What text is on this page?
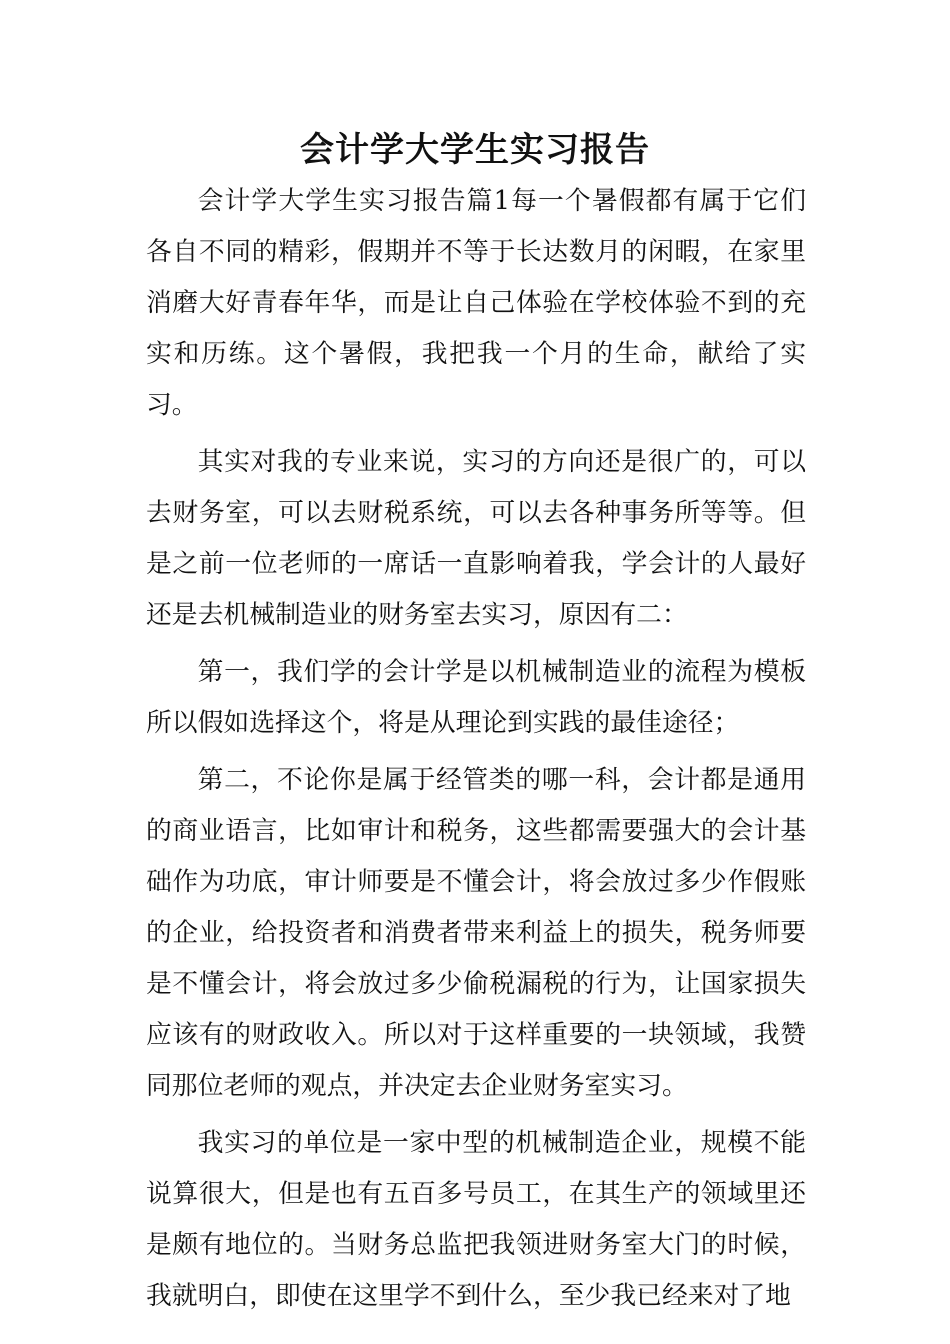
会计学大学生实习报告

会计学大学生实习报告篇1每一个暑假都有属于它们各自不同的精彩，假期并不等于长达数月的闲暇，在家里消磨大好青春年华，而是让自己体验在学校体验不到的充实和历练。这个暑假，我把我一个月的生命，献给了实习。

其实对我的专业来说，实习的方向还是很广的，可以去财务室，可以去财税系统，可以去各种事务所等等。但是之前一位老师的一席话一直影响着我，学会计的人最好还是去机械制造业的财务室去实习，原因有二：

第一，我们学的会计学是以机械制造业的流程为模板所以假如选择这个，将是从理论到实践的最佳途径；

第二，不论你是属于经管类的哪一科，会计都是通用的商业语言，比如审计和税务，这些都需要强大的会计基础作为功底，审计师要是不懂会计，将会放过多少作假账的企业，给投资者和消费者带来利益上的损失，税务师要是不懂会计，将会放过多少偷税漏税的行为，让国家损失应该有的财政收入。所以对于这样重要的一块领域，我赞同那位老师的观点，并决定去企业财务室实习。

我实习的单位是一家中型的机械制造企业，规模不能说算很大，但是也有五百多号员工，在其生产的领域里还是颇有地位的。当财务总监把我领进财务室大门的时候，我就明白，即使在这里学不到什么，至少我已经来对了地
